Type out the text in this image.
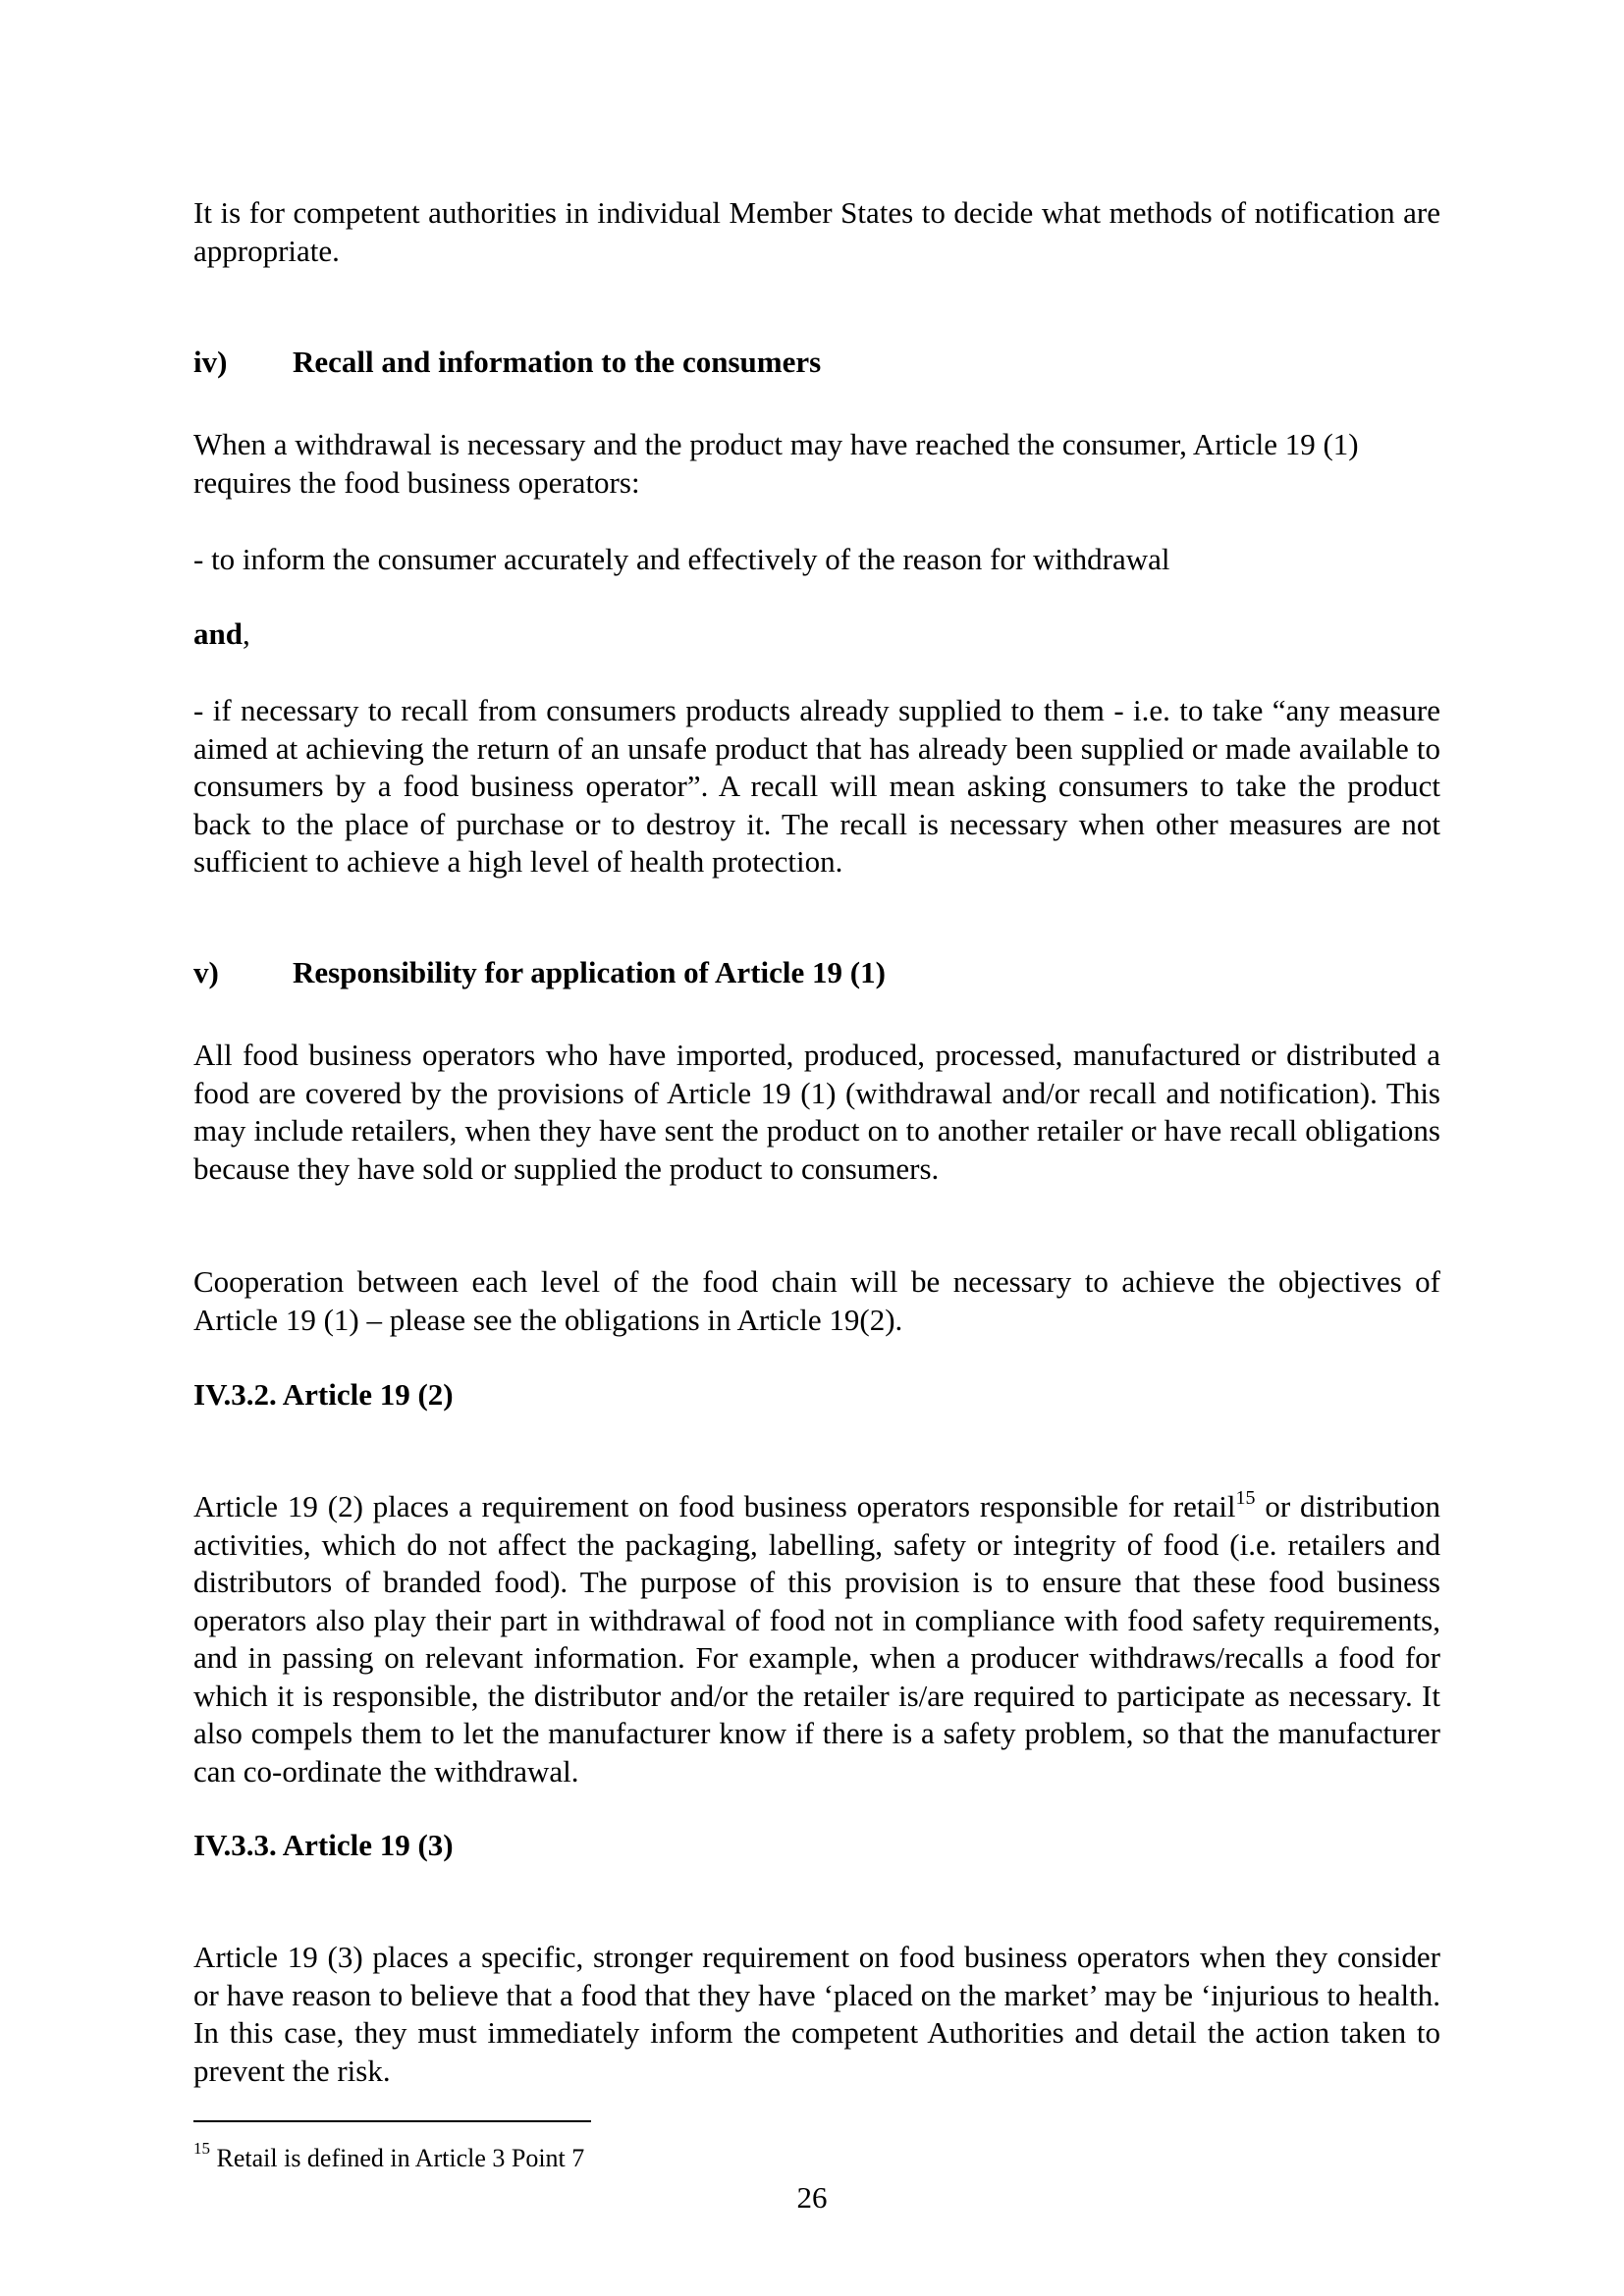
It is for competent authorities in individual Member States to decide what methods of notification are appropriate.

iv) Recall and information to the consumers

When a withdrawal is necessary and the product may have reached the consumer, Article 19 (1) requires the food business operators:

- to inform the consumer accurately and effectively of the reason for withdrawal

and,

- if necessary to recall from consumers products already supplied to them - i.e. to take “any measure aimed at achieving the return of an unsafe product that has already been supplied or made available to consumers by a food business operator”. A recall will mean asking consumers to take the product back to the place of purchase or to destroy it. The recall is necessary when other measures are not sufficient to achieve a high level of health protection.

v) Responsibility for application of Article 19 (1)

All food business operators who have imported, produced, processed, manufactured or distributed a food are covered by the provisions of Article 19 (1) (withdrawal and/or recall and notification). This may include retailers, when they have sent the product on to another retailer or have recall obligations because they have sold or supplied the product to consumers.

Cooperation between each level of the food chain will be necessary to achieve the objectives of Article 19 (1) – please see the obligations in Article 19(2).

IV.3.2. Article 19 (2)

Article 19 (2) places a requirement on food business operators responsible for retail$^{15}$ or distribution activities, which do not affect the packaging, labelling, safety or integrity of food (i.e. retailers and distributors of branded food). The purpose of this provision is to ensure that these food business operators also play their part in withdrawal of food not in compliance with food safety requirements, and in passing on relevant information. For example, when a producer withdraws/recalls a food for which it is responsible, the distributor and/or the retailer is/are required to participate as necessary. It also compels them to let the manufacturer know if there is a safety problem, so that the manufacturer can co-ordinate the withdrawal.

IV.3.3. Article 19 (3)

Article 19 (3) places a specific, stronger requirement on food business operators when they consider or have reason to believe that a food that they have ‘placed on the market’ may be ‘injurious to health. In this case, they must immediately inform the competent Authorities and detail the action taken to prevent the risk.

$^{15}$ Retail is defined in Article 3 Point 7
26
